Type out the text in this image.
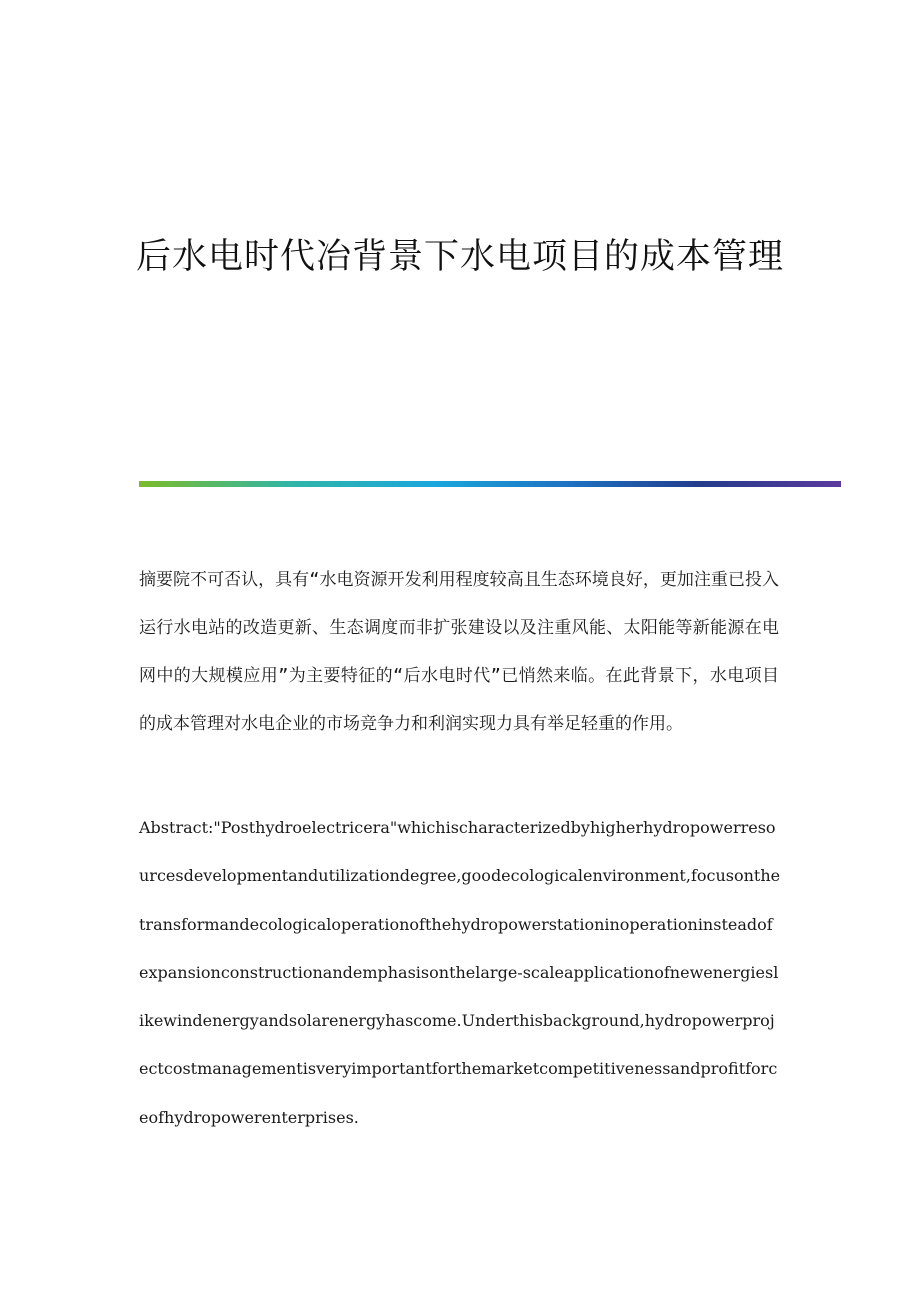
后水电时代冶背景下水电项目的成本管理

摘要院不可否认，具有“水电资源开发利用程度较高且生态环境良好，更加注重已投入运行水电站的改造更新、生态调度而非扩张建设以及注重风能、太阳能等新能源在电网中的大规模应用”为主要特征的“后水电时代”已悄然来临。在此背景下，水电项目的成本管理对水电企业的市场竞争力和利润实现力具有举足轻重的作用。

Abstract:"Posthydroelectricera"whichischaracterizedbyhigherhydropowerresourcesdevelopmentandutilizationdegree,goodecologicalenvironment,focusonthetransformandecologicaloperationofthehydropowerstationinoperationinsteadofexpansionconstructionandemphasisonthelarge-scaleapplicationofnewenergieslikewindenergyandsolarenergyhascome.Underthisbackground,hydropowerprojectcostmanagementisveryimportantforthemarketcompetitivenessandprofitforceofhydropowerenterprises.
